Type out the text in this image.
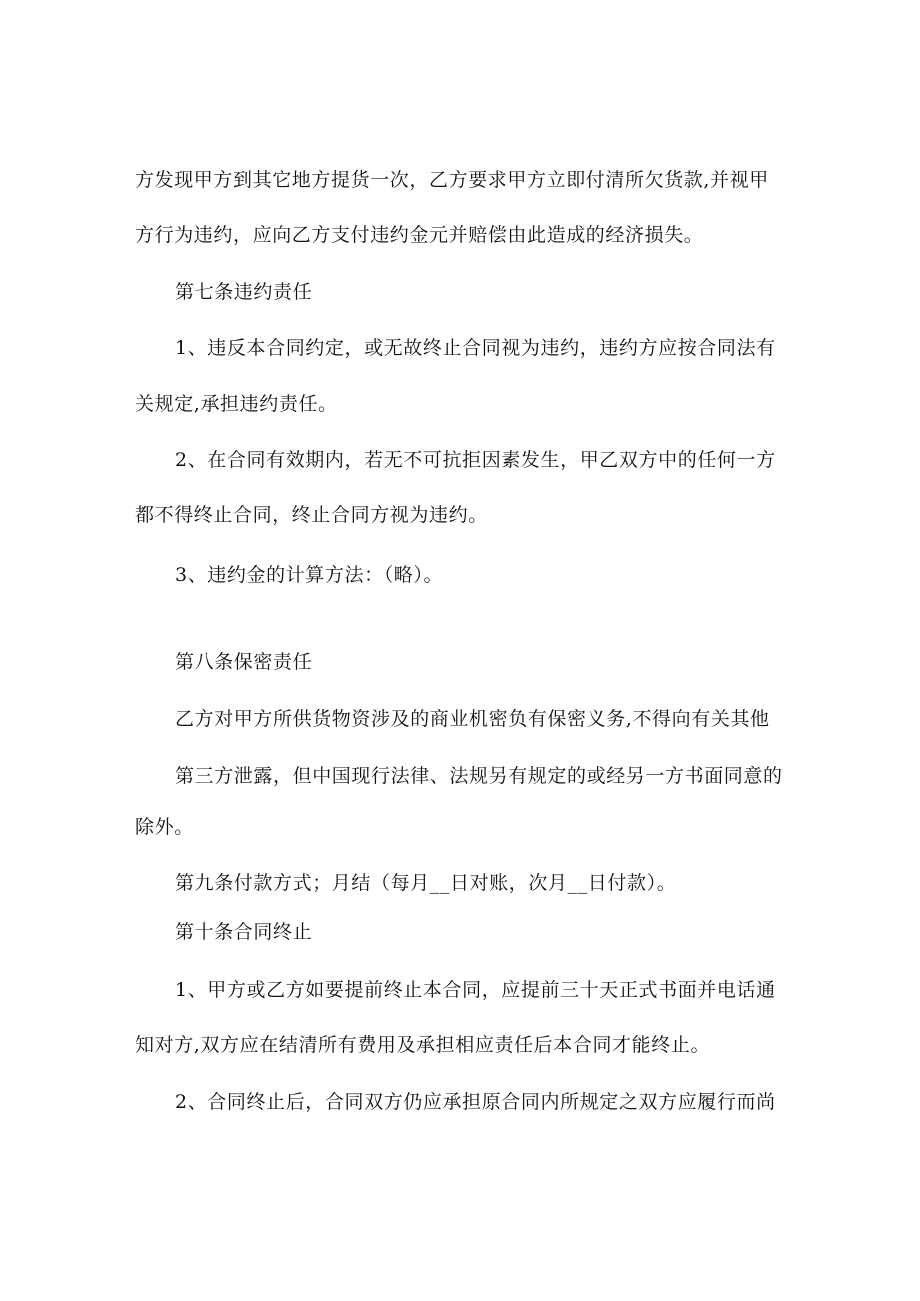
方发现甲方到其它地方提货一次，乙方要求甲方立即付清所欠货款,并视甲
方行为违约，应向乙方支付违约金元并赔偿由此造成的经济损失。
第七条违约责任
1、违反本合同约定，或无故终止合同视为违约，违约方应按合同法有
关规定,承担违约责任。
2、在合同有效期内，若无不可抗拒因素发生，甲乙双方中的任何一方
都不得终止合同，终止合同方视为违约。
3、违约金的计算方法：（略）。
第八条保密责任
乙方对甲方所供货物资涉及的商业机密负有保密义务,不得向有关其他
第三方泄露，但中国现行法律、法规另有规定的或经另一方书面同意的
除外。
第九条付款方式；月结（每月__日对账，次月__日付款）。
第十条合同终止
1、甲方或乙方如要提前终止本合同，应提前三十天正式书面并电话通
知对方,双方应在结清所有费用及承担相应责任后本合同才能终止。
2、合同终止后，合同双方仍应承担原合同内所规定之双方应履行而尚
